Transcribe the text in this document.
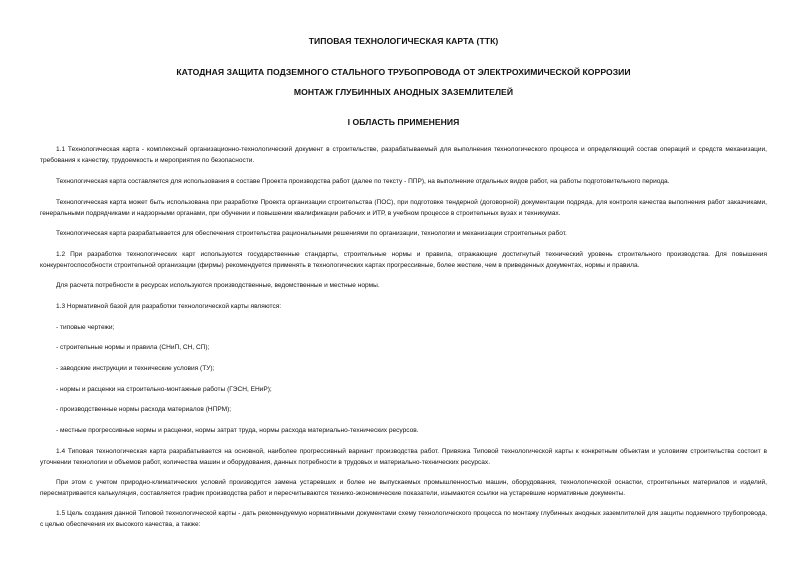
ТИПОВАЯ ТЕХНОЛОГИЧЕСКАЯ КАРТА (ТТК)
КАТОДНАЯ ЗАЩИТА ПОДЗЕМНОГО СТАЛЬНОГО ТРУБОПРОВОДА ОТ ЭЛЕКТРОХИМИЧЕСКОЙ КОРРОЗИИ
МОНТАЖ ГЛУБИННЫХ АНОДНЫХ ЗАЗЕМЛИТЕЛЕЙ
I ОБЛАСТЬ ПРИМЕНЕНИЯ

1.1 Технологическая карта - комплексный организационно-технологический документ в строительстве, разрабатываемый для выполнения технологического процесса и определяющий состав операций и средств механизации, требования к качеству, трудоемкость и мероприятия по безопасности.

Технологическая карта составляется для использования в составе Проекта производства работ (далее по тексту - ППР), на выполнение отдельных видов работ, на работы подготовительного периода.

Технологическая карта может быть использована при разработке Проекта организации строительства (ПОС), при подготовке тендерной (договорной) документации подряда, для контроля качества выполнения работ заказчиками, генеральными подрядчиками и надзорными органами, при обучении и повышении квалификации рабочих и ИТР, в учебном процессе в строительных вузах и техникумах.

Технологическая карта разрабатывается для обеспечения строительства рациональными решениями по организации, технологии и механизации строительных работ.

1.2 При разработке технологических карт используются государственные стандарты, строительные нормы и правила, отражающие достигнутый технический уровень строительного производства. Для повышения конкурентоспособности строительной организации (фирмы) рекомендуется применять в технологических картах прогрессивные, более жесткие, чем в приведенных документах, нормы и правила.

Для расчета потребности в ресурсах используются производственные, ведомственные и местные нормы.

1.3 Нормативной базой для разработки технологической карты являются:

- типовые чертежи;

- строительные нормы и правила (СНиП, СН, СП);

- заводские инструкции и технические условия (ТУ);

- нормы и расценки на строительно-монтажные работы (ГЭСН, ЕНиР);

- производственные нормы расхода материалов (НПРМ);

- местные прогрессивные нормы и расценки, нормы затрат труда, нормы расхода материально-технических ресурсов.

1.4 Типовая технологическая карта разрабатывается на основной, наиболее прогрессивный вариант производства работ. Привязка Типовой технологической карты к конкретным объектам и условиям строительства состоит в уточнении технологии и объемов работ, количества машин и оборудования, данных потребности в трудовых и материально-технических ресурсах.

При этом с учетом природно-климатических условий производится замена устаревших и более не выпускаемых промышленностью машин, оборудования, технологической оснастки, строительных материалов и изделий, пересматривается калькуляция, составляется график производства работ и пересчитываются технико-экономические показатели, изымаются ссылки на устаревшие нормативные документы.

1.5 Цель создания данной Типовой технологической карты - дать рекомендуемую нормативными документами схему технологического процесса по монтажу глубинных анодных заземлителей для защиты подземного трубопровода, с целью обеспечения их высокого качества, а также:
